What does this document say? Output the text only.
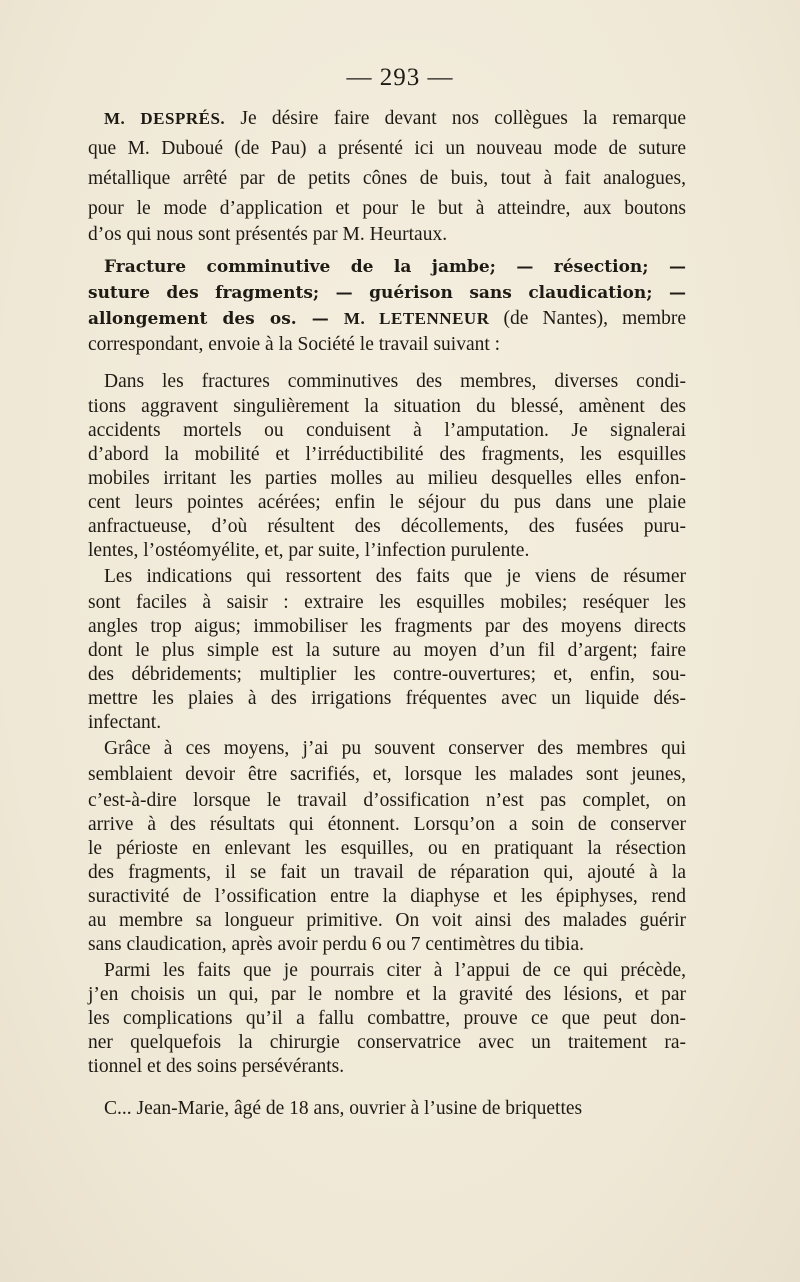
— 293 —
M. DESPRÉS. Je désire faire devant nos collègues la remarque
que M. Duboué (de Pau) a présenté ici un nouveau mode de suture
métallique arrêté par de petits cônes de buis, tout à fait analogues,
pour le mode d’application et pour le but à atteindre, aux boutons
d’os qui nous sont présentés par M. Heurtaux.
Fracture comminutive de la jambe; — résection; —
suture des fragments; — guérison sans claudication; —
allongement des os. — M. LETENNEUR (de Nantes), membre
correspondant, envoie à la Société le travail suivant :
Dans les fractures comminutives des membres, diverses condi-
tions aggravent singulièrement la situation du blessé, amènent des
accidents mortels ou conduisent à l’amputation. Je signalerai
d’abord la mobilité et l’irréductibilité des fragments, les esquilles
mobiles irritant les parties molles au milieu desquelles elles enfon-
cent leurs pointes acérées; enfin le séjour du pus dans une plaie
anfractueuse, d’où résultent des décollements, des fusées puru-
lentes, l’ostéomyélite, et, par suite, l’infection purulente.
Les indications qui ressortent des faits que je viens de résumer
sont faciles à saisir : extraire les esquilles mobiles; reséquer les
angles trop aigus; immobiliser les fragments par des moyens directs
dont le plus simple est la suture au moyen d’un fil d’argent; faire
des débridements; multiplier les contre-ouvertures; et, enfin, sou-
mettre les plaies à des irrigations fréquentes avec un liquide dés-
infectant.
Grâce à ces moyens, j’ai pu souvent conserver des membres qui
semblaient devoir être sacrifiés, et, lorsque les malades sont jeunes,
c’est-à-dire lorsque le travail d’ossification n’est pas complet, on
arrive à des résultats qui étonnent. Lorsqu’on a soin de conserver
le périoste en enlevant les esquilles, ou en pratiquant la résection
des fragments, il se fait un travail de réparation qui, ajouté à la
suractivité de l’ossification entre la diaphyse et les épiphyses, rend
au membre sa longueur primitive. On voit ainsi des malades guérir
sans claudication, après avoir perdu 6 ou 7 centimètres du tibia.
Parmi les faits que je pourrais citer à l’appui de ce qui précède,
j’en choisis un qui, par le nombre et la gravité des lésions, et par
les complications qu’il a fallu combattre, prouve ce que peut don-
ner quelquefois la chirurgie conservatrice avec un traitement ra-
tionnel et des soins persévérants.
C... Jean-Marie, âgé de 18 ans, ouvrier à l’usine de briquettes
